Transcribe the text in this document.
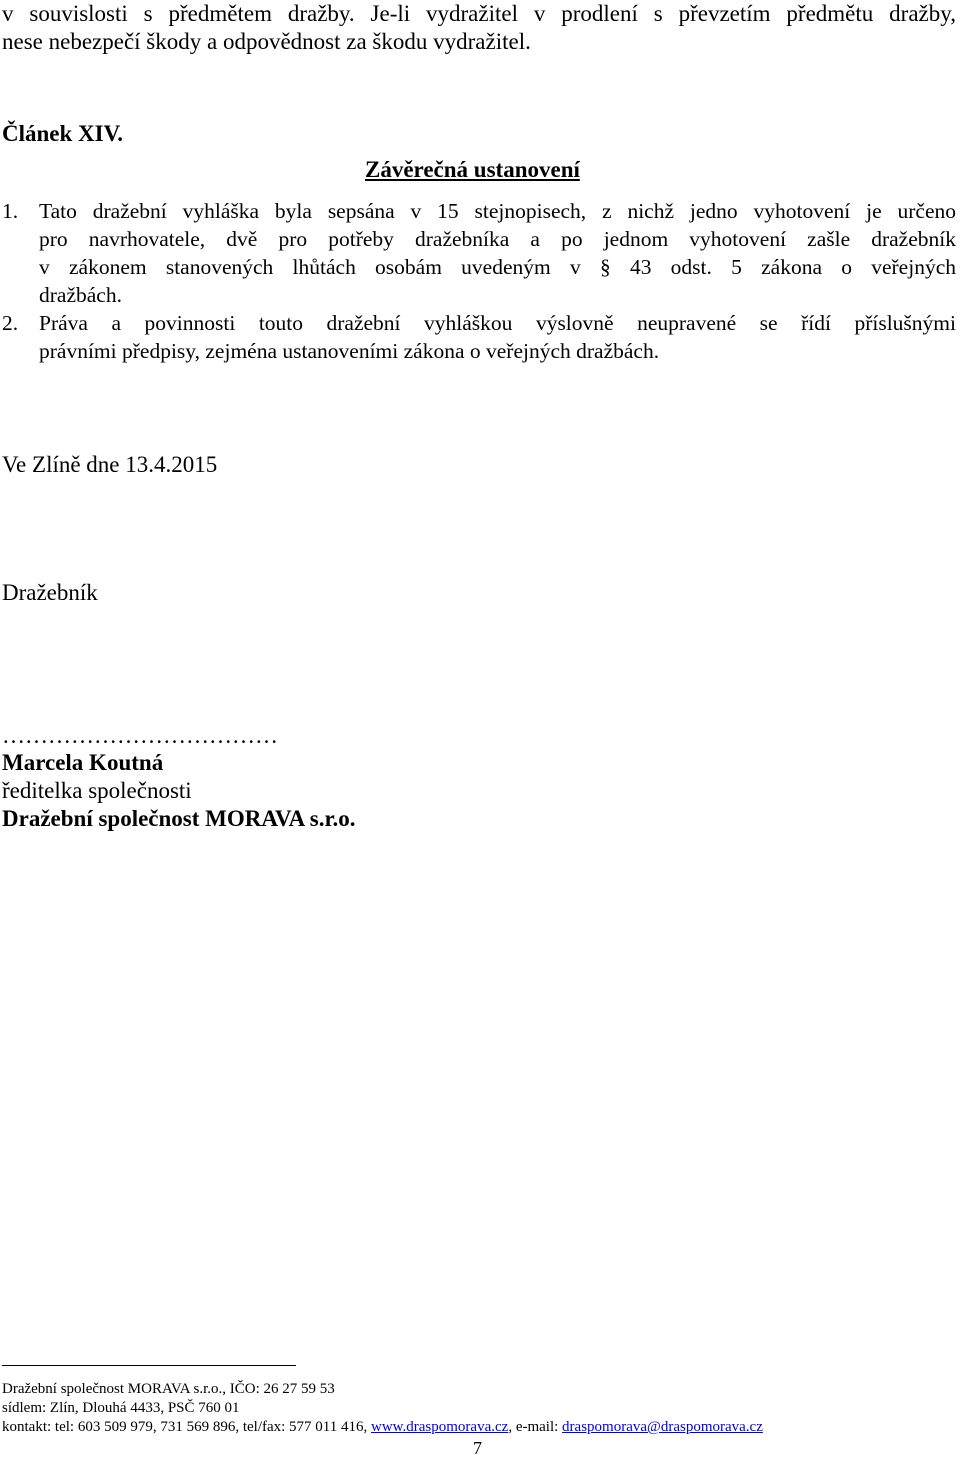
v souvislosti s předmětem dražby. Je-li vydražitel v prodlení s převzetím předmětu dražby,
nese nebezpečí škody a odpovědnost za škodu vydražitel.
Článek XIV.
Závěrečná ustanovení
1. Tato dražební vyhláška byla sepsána v 15 stejnopisech, z nichž jedno vyhotovení je určeno
pro navrhovatele, dvě pro potřeby dražebníka a po jednom vyhotovení zašle dražebník
v zákonem stanovených lhůtách osobám uvedeným v § 43 odst. 5 zákona o veřejných
dražbách.
2. Práva a povinnosti touto dražební vyhláškou výslovně neupravené se řídí příslušnými
právními předpisy, zejména ustanoveními zákona o veřejných dražbách.
Ve Zlíně dne 13.4.2015
Dražebník
………………………………
Marcela Koutná
ředitelka společnosti
Dražební společnost MORAVA s.r.o.
Dražební společnost MORAVA s.r.o., IČO: 26 27 59 53
sídlem: Zlín, Dlouhá 4433, PSČ 760 01
kontakt: tel: 603 509 979, 731 569 896, tel/fax: 577 011 416, www.draspomorava.cz, e-mail: draspomorava@draspomorava.cz
7
